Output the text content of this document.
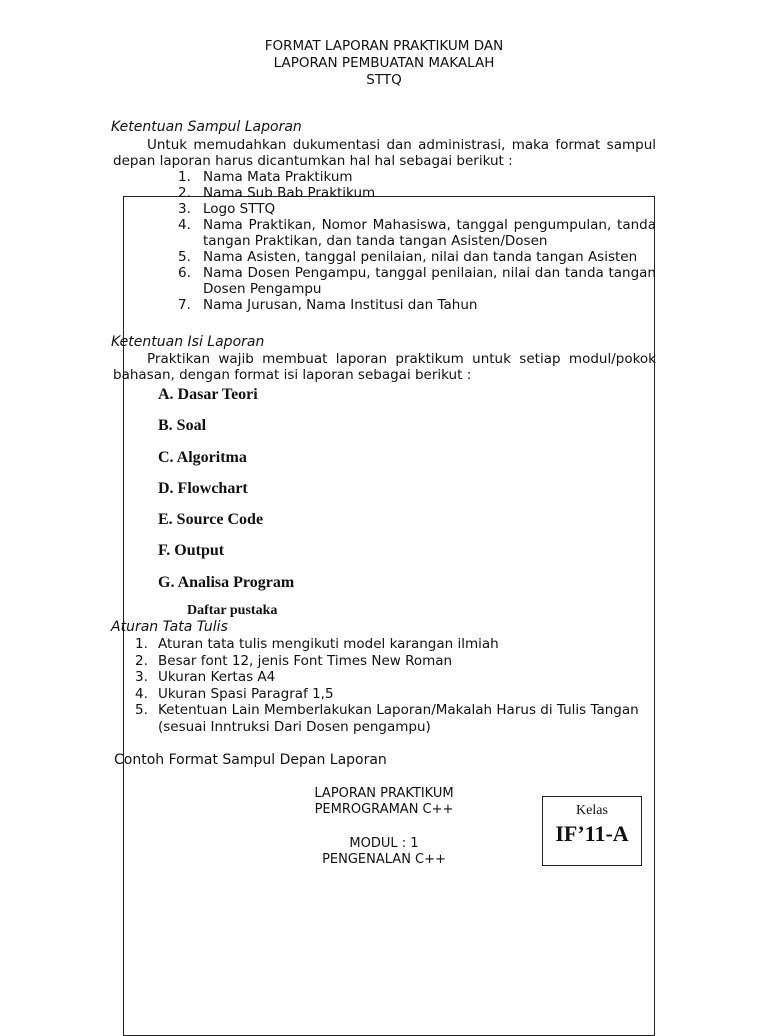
FORMAT LAPORAN PRAKTIKUM DAN
LAPORAN PEMBUATAN MAKALAH
STTQ
Ketentuan Sampul Laporan
Untuk memudahkan dukumentasi dan administrasi, maka format sampul depan laporan harus dicantumkan hal hal sebagai berikut :
1. Nama Mata Praktikum
2. Nama Sub Bab Praktikum
3. Logo STTQ
4. Nama Praktikan, Nomor Mahasiswa, tanggal pengumpulan, tanda tangan Praktikan, dan tanda tangan Asisten/Dosen
5. Nama Asisten, tanggal penilaian, nilai dan tanda tangan Asisten
6. Nama Dosen Pengampu, tanggal penilaian, nilai dan tanda tangan Dosen Pengampu
7. Nama Jurusan, Nama Institusi dan Tahun
Ketentuan Isi Laporan
Praktikan wajib membuat laporan praktikum untuk setiap modul/pokok bahasan, dengan format isi laporan sebagai berikut :
A. Dasar Teori
B. Soal
C. Algoritma
D. Flowchart
E. Source Code
F. Output
G. Analisa Program
Daftar pustaka
Aturan Tata Tulis
1. Aturan tata tulis mengikuti model karangan ilmiah
2. Besar font 12, jenis Font Times New Roman
3. Ukuran Kertas A4
4. Ukuran Spasi Paragraf 1,5
5. Ketentuan Lain Memberlakukan Laporan/Makalah Harus di Tulis Tangan (sesuai Inntruksi Dari Dosen pengampu)
Contoh Format Sampul Depan Laporan
LAPORAN PRAKTIKUM
PEMROGRAMAN C++
MODUL : 1
PENGENALAN C++
Kelas
IF’11-A
